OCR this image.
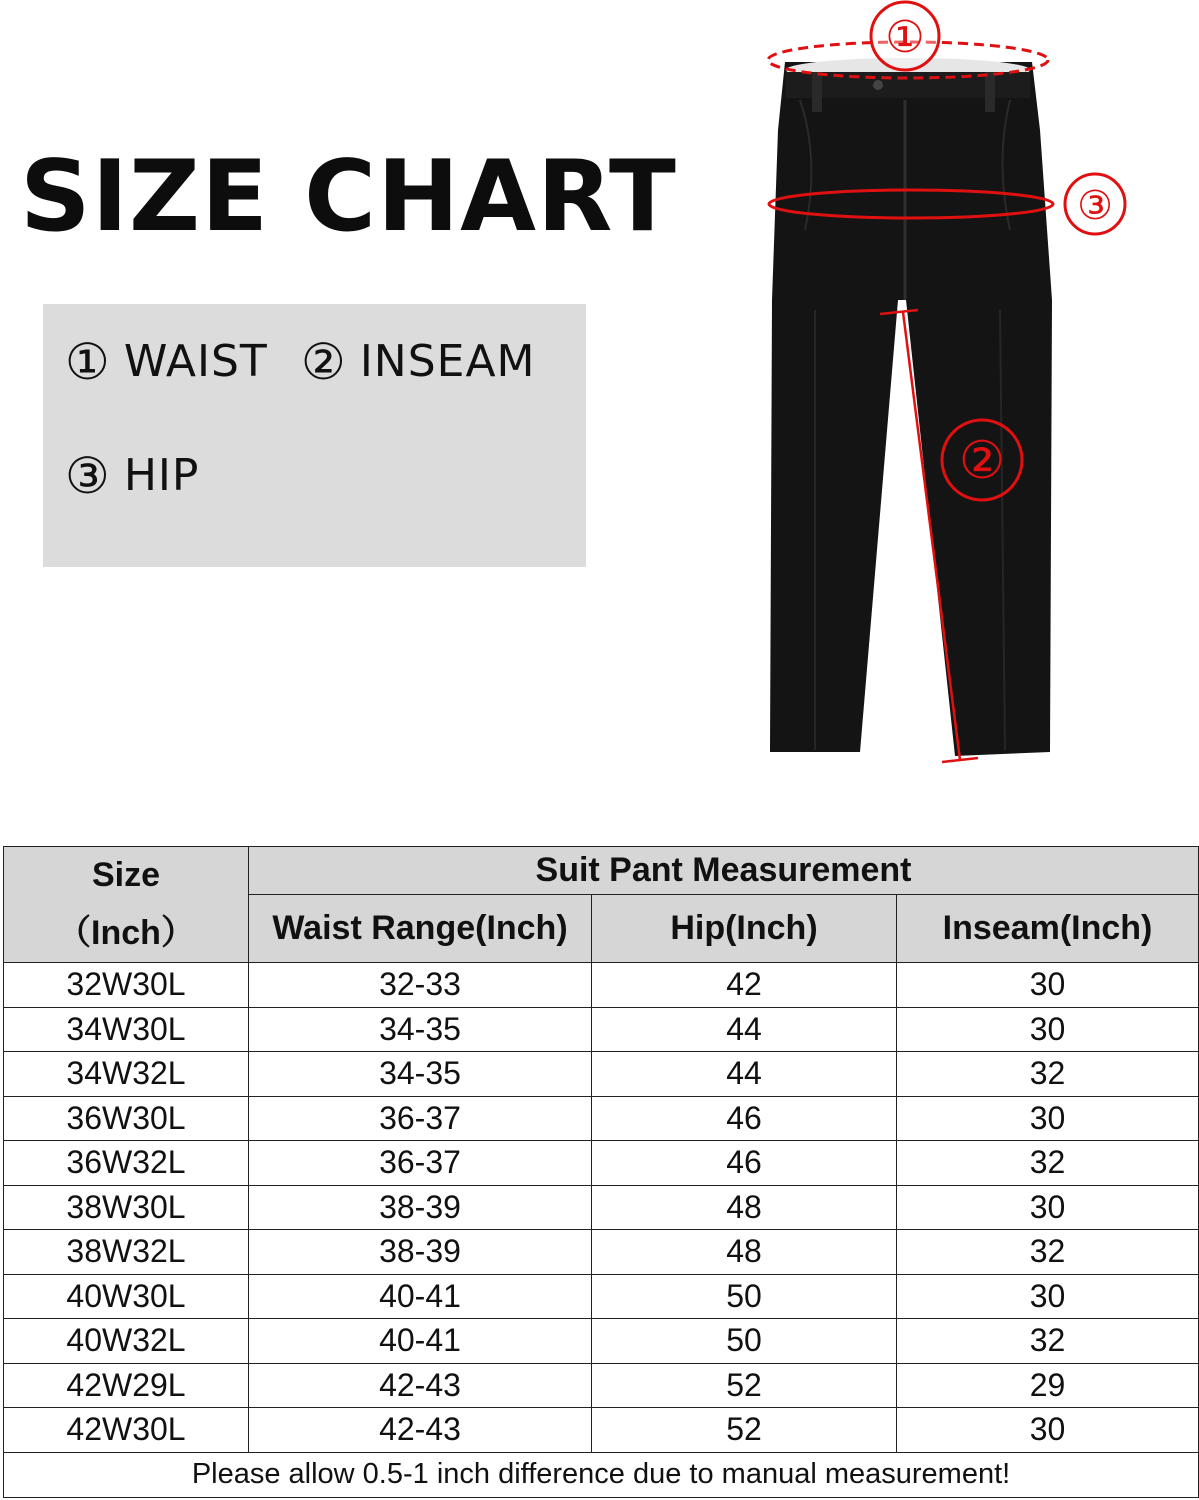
SIZE CHART
① WAIST ② INSEAM
③ HIP
①
③
②
Size
（Inch）	Suit Pant Measurement		
	Waist Range(Inch)	Hip(Inch)	Inseam(Inch)
32W30L	32-33	42	30
34W30L	34-35	44	30
34W32L	34-35	44	32
36W30L	36-37	46	30
36W32L	36-37	46	32
38W30L	38-39	48	30
38W32L	38-39	48	32
40W30L	40-41	50	30
40W32L	40-41	50	32
42W29L	42-43	52	29
42W30L	42-43	52	30
Please allow 0.5-1 inch difference due to manual measurement!			
